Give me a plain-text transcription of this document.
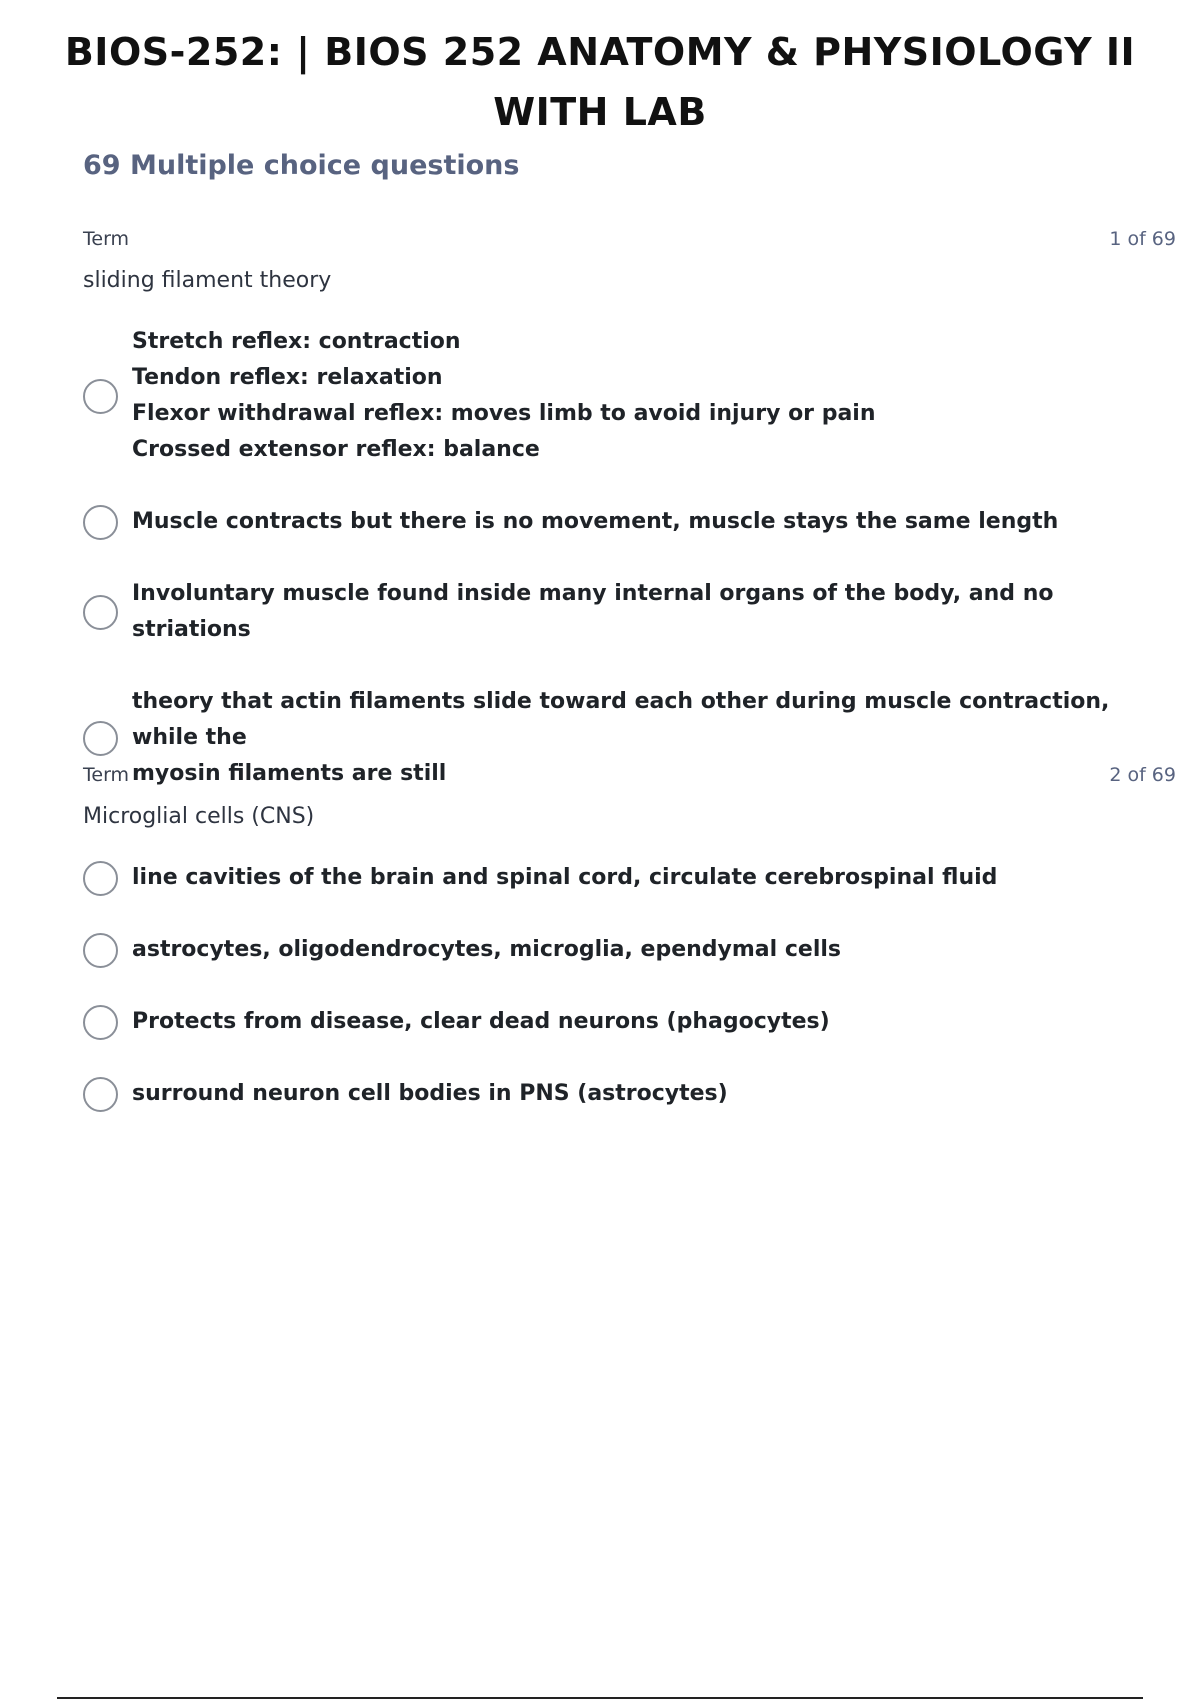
BIOS-252: | BIOS 252 ANATOMY & PHYSIOLOGY II WITH LAB
69 Multiple choice questions
Term	1 of 69
sliding filament theory
Stretch reflex: contraction
Tendon reflex: relaxation
Flexor withdrawal reflex: moves limb to avoid injury or pain
Crossed extensor reflex: balance
Muscle contracts but there is no movement, muscle stays the same length
Involuntary muscle found inside many internal organs of the body, and no striations
theory that actin filaments slide toward each other during muscle contraction, while the
myosin filaments are still
Term	2 of 69
Microglial cells (CNS)
line cavities of the brain and spinal cord, circulate cerebrospinal fluid
astrocytes, oligodendrocytes, microglia, ependymal cells
Protects from disease, clear dead neurons (phagocytes)
surround neuron cell bodies in PNS (astrocytes)
